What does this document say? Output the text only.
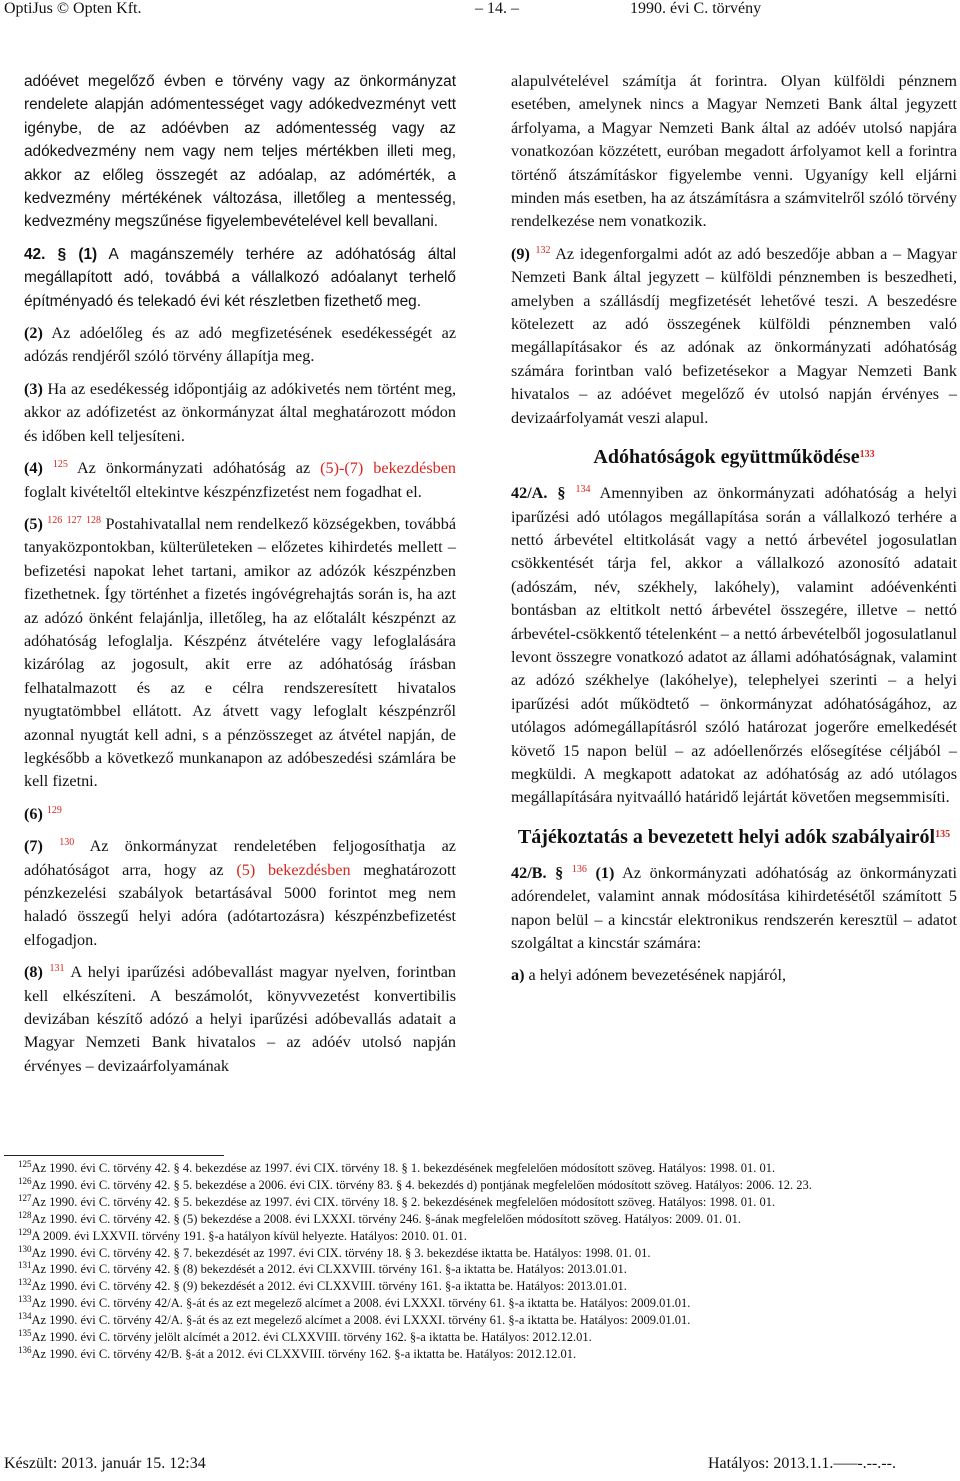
OptiJus © Opten Kft.	– 14. –	1990. évi C. törvény

adóévet megelőző évben e törvény vagy az önkormányzat rendelete alapján adómentességet vagy adókedvezményt vett igénybe, de az adóévben az adómentesség vagy az adókedvezmény nem vagy nem teljes mértékben illeti meg, akkor az előleg összegét az adóalap, az adómérték, a kedvezmény mértékének változása, illetőleg a mentesség, kedvezmény megszűnése figyelembevételével kell bevallani.

42. § (1) A magánszemély terhére az adóhatóság által megállapított adó, továbbá a vállalkozó adóalanyt terhelő építményadó és telekadó évi két részletben fizethető meg.

(2) Az adóelőleg és az adó megfizetésének esedékességét az adózás rendjéről szóló törvény állapítja meg.

(3) Ha az esedékesség időpontjáig az adókivetés nem történt meg, akkor az adófizetést az önkormányzat által meghatározott módon és időben kell teljesíteni.

(4) $^{125}$ Az önkormányzati adóhatóság az (5)-(7) bekezdésben foglalt kivételtől eltekintve készpénzfizetést nem fogadhat el.

(5) $^{126}$ $^{127}$ $^{128}$ Postahivatallal nem rendelkező községekben, továbbá tanyaközpontokban, külterületeken – előzetes kihirdetés mellett – befizetési napokat lehet tartani, amikor az adózók készpénzben fizethetnek. Így történhet a fizetés ingóvégrehajtás során is, ha azt az adózó önként felajánlja, illetőleg, ha az előtalált készpénzt az adóhatóság lefoglalja. Készpénz átvételére vagy lefoglalására kizárólag az jogosult, akit erre az adóhatóság írásban felhatalmazott és az e célra rendszeresített hivatalos nyugtatömbbel ellátott. Az átvett vagy lefoglalt készpénzről azonnal nyugtát kell adni, s a pénzösszeget az átvétel napján, de legkésőbb a következő munkanapon az adóbeszedési számlára be kell fizetni.

(6) $^{129}$

(7) $^{130}$ Az önkormányzat rendeletében feljogosíthatja az adóhatóságot arra, hogy az (5) bekezdésben meghatározott pénzkezelési szabályok betartásával 5000 forintot meg nem haladó összegű helyi adóra (adótartozásra) készpénzbefizetést elfogadjon.

(8) $^{131}$ A helyi iparűzési adóbevallást magyar nyelven, forintban kell elkészíteni. A beszámolót, könyvvezetést konvertibilis devizában készítő adózó a helyi iparűzési adóbevallás adatait a Magyar Nemzeti Bank hivatalos – az adóév utolsó napján érvényes – devizaárfolyamának

alapulvételével számítja át forintra. Olyan külföldi pénznem esetében, amelynek nincs a Magyar Nemzeti Bank által jegyzett árfolyama, a Magyar Nemzeti Bank által az adóév utolsó napjára vonatkozóan közzétett, euróban megadott árfolyamot kell a forintra történő átszámításkor figyelembe venni. Ugyanígy kell eljárni minden más esetben, ha az átszámításra a számvitelről szóló törvény rendelkezése nem vonatkozik.

(9) $^{132}$ Az idegenforgalmi adót az adó beszedője abban a – Magyar Nemzeti Bank által jegyzett – külföldi pénznemben is beszedheti, amelyben a szállásdíj megfizetését lehetővé teszi. A beszedésre kötelezett az adó összegének külföldi pénznemben való megállapításakor és az adónak az önkormányzati adóhatóság számára forintban való befizetésekor a Magyar Nemzeti Bank hivatalos – az adóévet megelőző év utolsó napján érvényes – devizaárfolyamát veszi alapul.

Adóhatóságok együttműködése$^{133}$

42/A. § $^{134}$ Amennyiben az önkormányzati adóhatóság a helyi iparűzési adó utólagos megállapítása során a vállalkozó terhére a nettó árbevétel eltitkolását vagy a nettó árbevétel jogosulatlan csökkentését tárja fel, akkor a vállalkozó azonosító adatait (adószám, név, székhely, lakóhely), valamint adóévenkénti bontásban az eltitkolt nettó árbevétel összegére, illetve – nettó árbevétel-csökkentő tételenként – a nettó árbevételből jogosulatlanul levont összegre vonatkozó adatot az állami adóhatóságnak, valamint az adózó székhelye (lakóhelye), telephelyei szerinti – a helyi iparűzési adót működtető – önkormányzat adóhatóságához, az utólagos adómegállapításról szóló határozat jogerőre emelkedését követő 15 napon belül – az adóellenőrzés elősegítése céljából – megküldi. A megkapott adatokat az adóhatóság az adó utólagos megállapítására nyitvaálló határidő lejártát követően megsemmisíti.

Tájékoztatás a bevezetett helyi adók szabályairól$^{135}$

42/B. § $^{136}$ (1) Az önkormányzati adóhatóság az önkormányzati adórendelet, valamint annak módosítása kihirdetésétől számított 5 napon belül – a kincstár elektronikus rendszerén keresztül – adatot szolgáltat a kincstár számára:

a) a helyi adónem bevezetésének napjáról,

$^{125}$Az 1990. évi C. törvény 42. § 4. bekezdése az 1997. évi CIX. törvény 18. § 1. bekezdésének megfelelően módosított szöveg. Hatályos: 1998. 01. 01.

$^{126}$Az 1990. évi C. törvény 42. § 5. bekezdése a 2006. évi CIX. törvény 83. § 4. bekezdés d) pontjának megfelelően módosított szöveg. Hatályos: 2006. 12. 23.

$^{127}$Az 1990. évi C. törvény 42. § 5. bekezdése az 1997. évi CIX. törvény 18. § 2. bekezdésének megfelelően módosított szöveg. Hatályos: 1998. 01. 01.

$^{128}$Az 1990. évi C. törvény 42. § (5) bekezdése a 2008. évi LXXXI. törvény 246. §-ának megfelelően módosított szöveg. Hatályos: 2009. 01. 01.

$^{129}$A 2009. évi LXXVII. törvény 191. §-a hatályon kívül helyezte. Hatályos: 2010. 01. 01.

$^{130}$Az 1990. évi C. törvény 42. § 7. bekezdését az 1997. évi CIX. törvény 18. § 3. bekezdése iktatta be. Hatályos: 1998. 01. 01.

$^{131}$Az 1990. évi C. törvény 42. § (8) bekezdését a 2012. évi CLXXVIII. törvény 161. §-a iktatta be. Hatályos: 2013.01.01.

$^{132}$Az 1990. évi C. törvény 42. § (9) bekezdését a 2012. évi CLXXVIII. törvény 161. §-a iktatta be. Hatályos: 2013.01.01.

$^{133}$Az 1990. évi C. törvény 42/A. §-át és az ezt megelező alcímet a 2008. évi LXXXI. törvény 61. §-a iktatta be. Hatályos: 2009.01.01.

$^{134}$Az 1990. évi C. törvény 42/A. §-át és az ezt megelező alcímet a 2008. évi LXXXI. törvény 61. §-a iktatta be. Hatályos: 2009.01.01.

$^{135}$Az 1990. évi C. törvény jelölt alcímét a 2012. évi CLXXVIII. törvény 162. §-a iktatta be. Hatályos: 2012.12.01.

$^{136}$Az 1990. évi C. törvény 42/B. §-át a 2012. évi CLXXVIII. törvény 162. §-a iktatta be. Hatályos: 2012.12.01.

Készült: 2013. január 15. 12:34	Hatályos: 2013.1.1.–––-.--.--.
